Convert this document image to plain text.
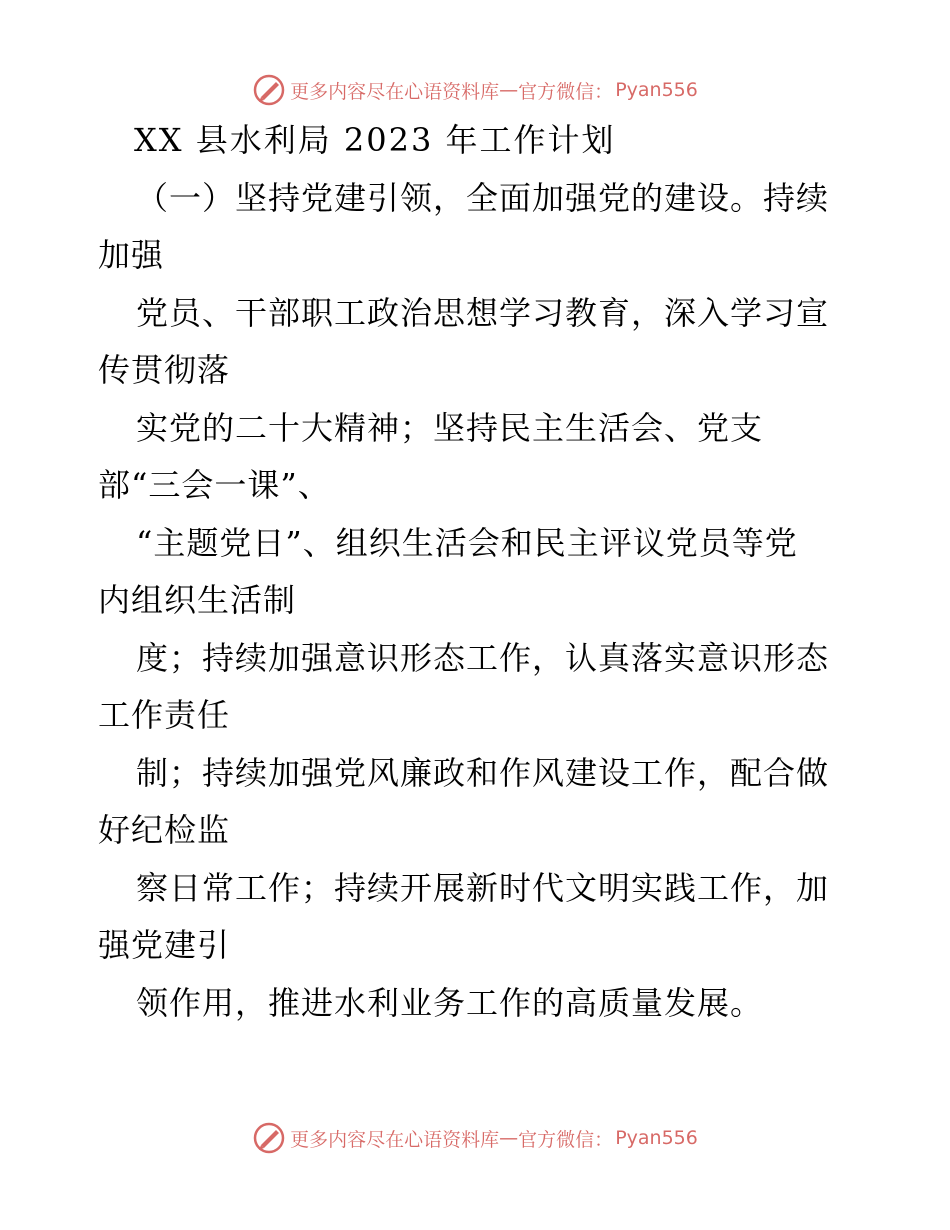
更多内容尽在心语资料库 — 官方微信： Pyan556
XX 县水利局 2023 年工作计划
（一）坚持党建引领，全面加强党的建设。持续
加强
党员、干部职工政治思想学习教育，深入学习宣
传贯彻落
实党的二十大精神；坚持民主生活会、党支
部“三会一课”、
“主题党日”、组织生活会和民主评议党员等党
内组织生活制
度；持续加强意识形态工作，认真落实意识形态
工作责任
制；持续加强党风廉政和作风建设工作，配合做
好纪检监
察日常工作；持续开展新时代文明实践工作，加
强党建引
领作用，推进水利业务工作的高质量发展。
更多内容尽在心语资料库 — 官方微信： Pyan556
